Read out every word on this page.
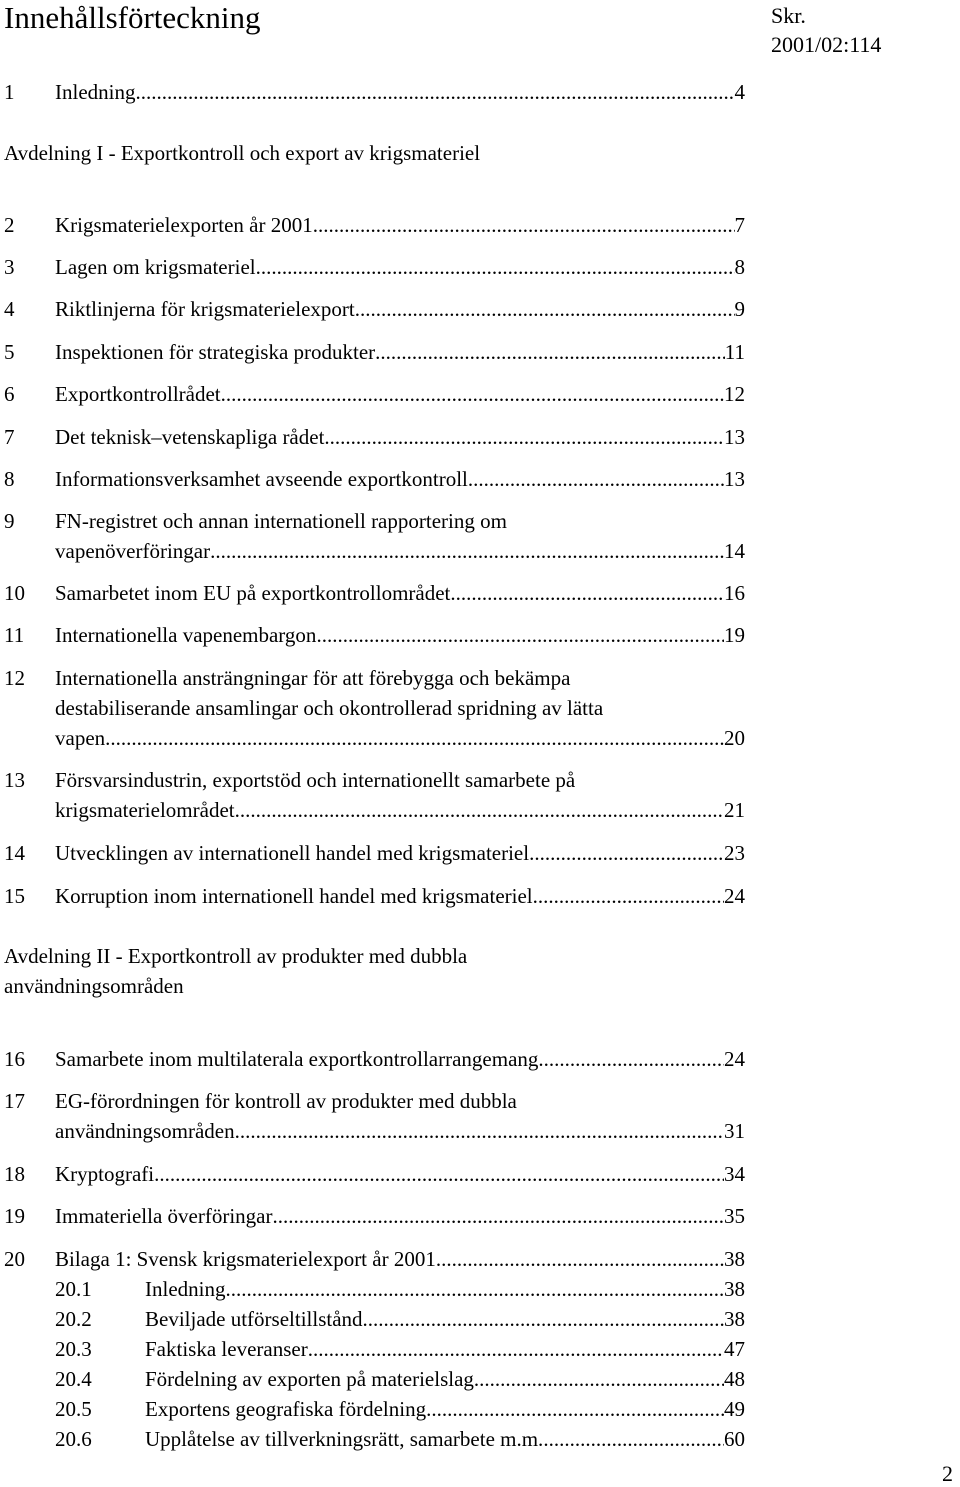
Innehållsförteckning	Skr.
2001/02:114
Avdelning I - Exportkontroll och export av krigsmateriel
Avdelning II - Exportkontroll av produkter med dubbla
användningsområden
1 Inledning .....	4
2 Krigsmaterielexporten år 2001 .....	7
3 Lagen om krigsmateriel .....	8
4 Riktlinjerna för krigsmaterielexport .....	9
5 Inspektionen för strategiska produkter .....	11
6 Exportkontrollrådet .....	12
7 Det teknisk–vetenskapliga rådet .....	13
8 Informationsverksamhet avseende exportkontroll .....	13
9 FN-registret och annan internationell rapportering om
vapenöverföringar .....	14
10 Samarbetet inom EU på exportkontrollområdet .....	16
11 Internationella vapenembargon .....	19
12 Internationella ansträngningar för att förebygga och bekämpa
destabiliserande ansamlingar och okontrollerad spridning av lätta
vapen .....	20
13 Försvarsindustrin, exportstöd och internationellt samarbete på
krigsmaterielområdet .....	21
14 Utvecklingen av internationell handel med krigsmateriel .....	23
15 Korruption inom internationell handel med krigsmateriel .....	24
16 Samarbete inom multilaterala exportkontrollarrangemang .....	24
17 EG-förordningen för kontroll av produkter med dubbla
användningsområden .....	31
18 Kryptografi .....	34
19 Immateriella överföringar .....	35
20 Bilaga 1: Svensk krigsmaterielexport år 2001 .....	38
20.1	Inledning .....	38
20.2	Beviljade utförseltillstånd .....	38
20.3	Faktiska leveranser .....	47
20.4	Fördelning av exporten på materielslag .....	48
20.5	Exportens geografiska fördelning .....	49
20.6	Upplåtelse av tillverkningsrätt, samarbete m.m. .....	60
2
